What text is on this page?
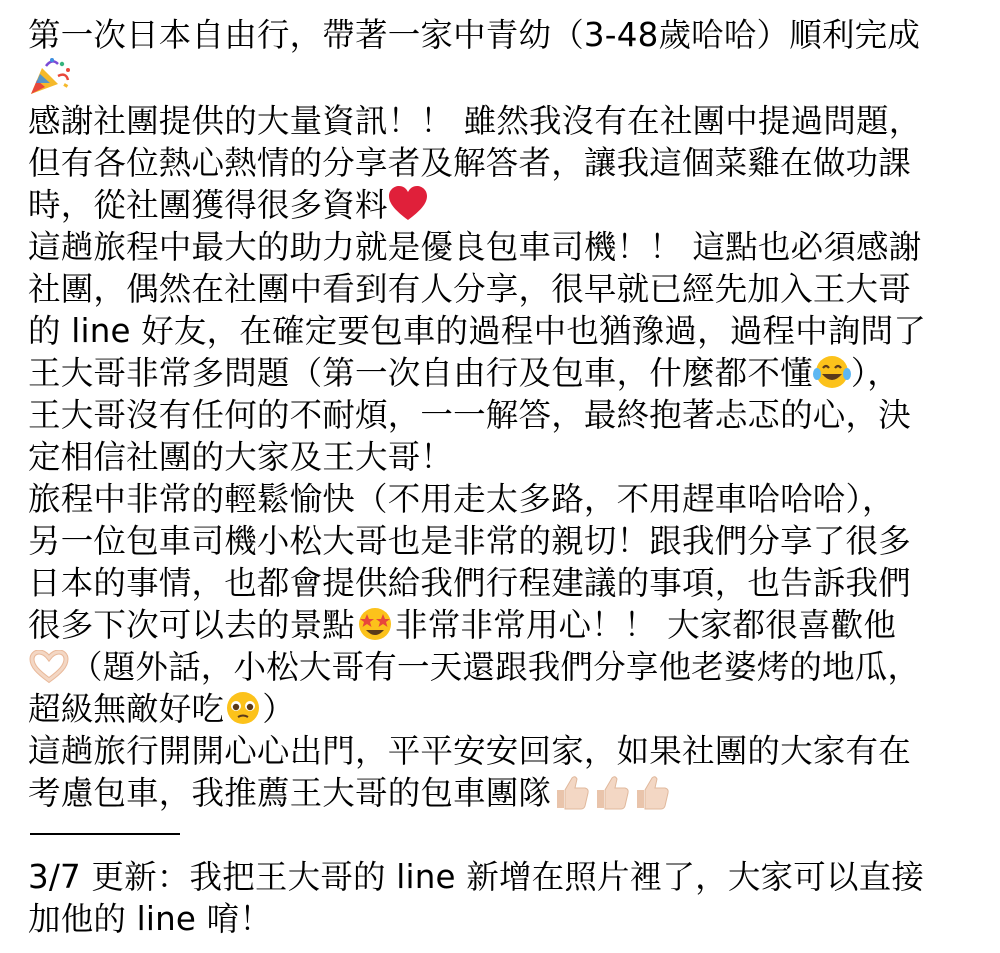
第一次日本自由行，帶著一家中青幼（3-48歲哈哈）順利完成
感謝社團提供的大量資訊！！ 雖然我沒有在社團中提過問題，
但有各位熱心熱情的分享者及解答者，讓我這個菜雞在做功課
時，從社團獲得很多資料
這趟旅程中最大的助力就是優良包車司機！！ 這點也必須感謝
社團，偶然在社團中看到有人分享，很早就已經先加入王大哥
的 line 好友，在確定要包車的過程中也猶豫過，過程中詢問了
王大哥非常多問題（第一次自由行及包車，什麼都不懂 ），
王大哥沒有任何的不耐煩，一一解答，最終抱著忐忑的心，決
定相信社團的大家及王大哥！
旅程中非常的輕鬆愉快（不用走太多路，不用趕車哈哈哈），
另一位包車司機小松大哥也是非常的親切！跟我們分享了很多
日本的事情，也都會提供給我們行程建議的事項，也告訴我們
很多下次可以去的景點 非常非常用心！！ 大家都很喜歡他
（題外話，小松大哥有一天還跟我們分享他老婆烤的地瓜，
超級無敵好吃 ）
這趟旅行開開心心出門，平平安安回家，如果社團的大家有在
考慮包車，我推薦王大哥的包車團隊
3/7 更新：我把王大哥的 line 新增在照片裡了，大家可以直接
加他的 line 唷！
